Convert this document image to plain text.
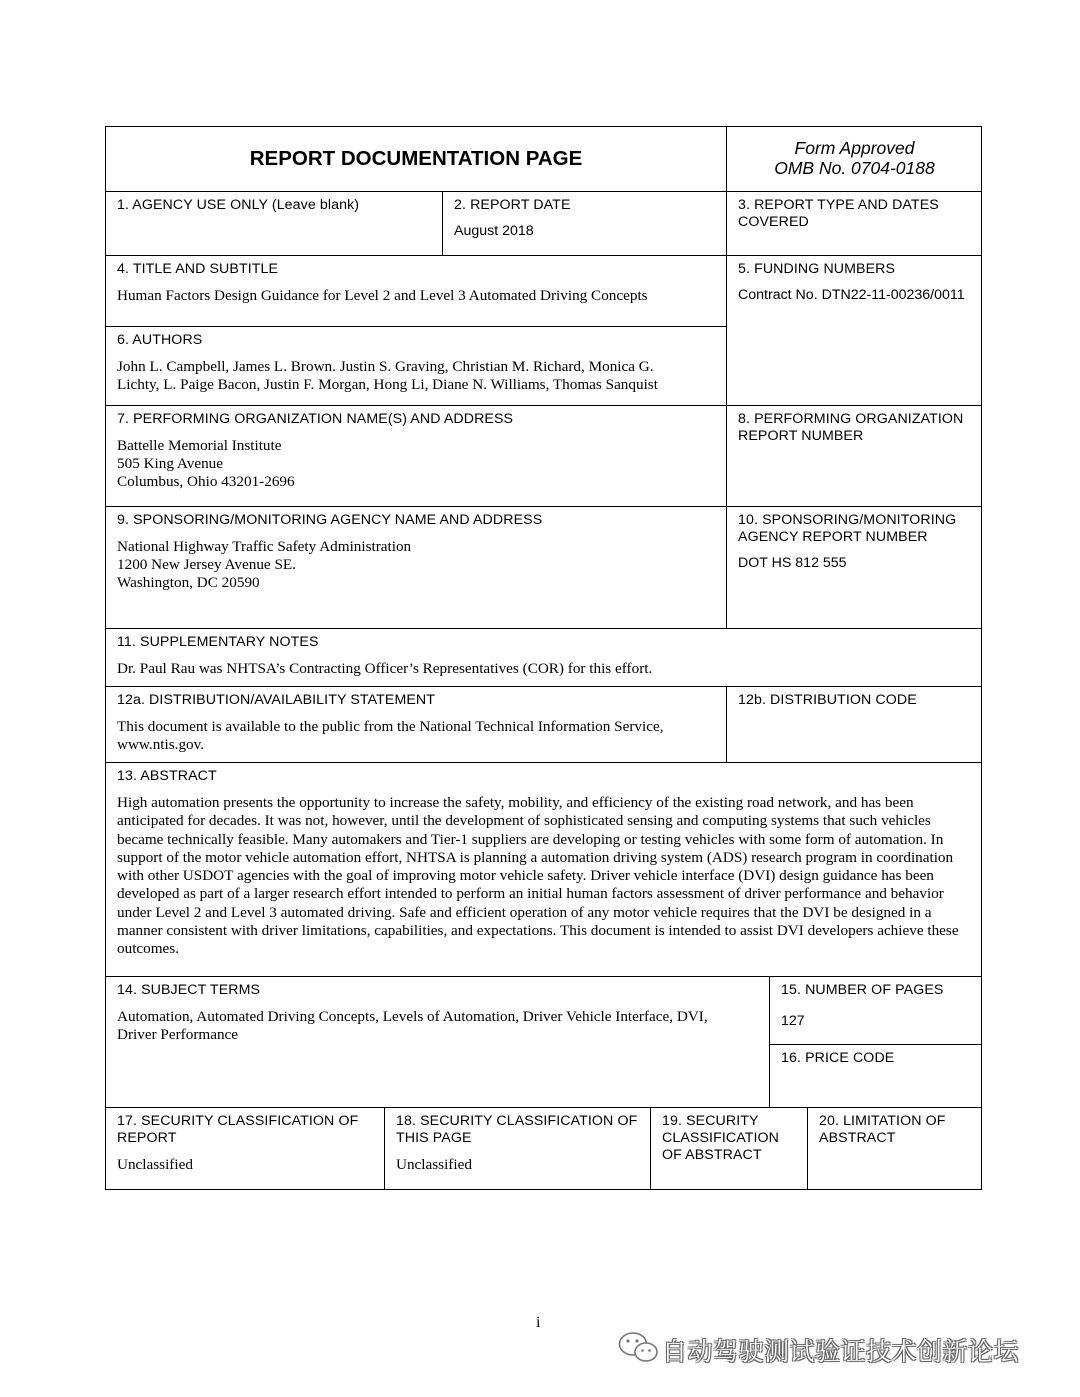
REPORT DOCUMENTATION PAGE	Form Approved
OMB No. 0704-0188
1. AGENCY USE ONLY (Leave blank)	2. REPORT DATE
August 2018
3. REPORT TYPE AND DATES
COVERED
4. TITLE AND SUBTITLE
Human Factors Design Guidance for Level 2 and Level 3 Automated Driving Concepts
5. FUNDING NUMBERS
Contract No. DTN22-11-00236/0011
6. AUTHORS
John L. Campbell, James L. Brown. Justin S. Graving, Christian M. Richard, Monica G.
Lichty, L. Paige Bacon, Justin F. Morgan, Hong Li, Diane N. Williams, Thomas Sanquist
7. PERFORMING ORGANIZATION NAME(S) AND ADDRESS
Battelle Memorial Institute
505 King Avenue
Columbus, Ohio 43201-2696
8. PERFORMING ORGANIZATION
REPORT NUMBER
9. SPONSORING/MONITORING AGENCY NAME AND ADDRESS
National Highway Traffic Safety Administration
1200 New Jersey Avenue SE.
Washington, DC 20590
10. SPONSORING/MONITORING
AGENCY REPORT NUMBER
DOT HS 812 555
11. SUPPLEMENTARY NOTES
Dr. Paul Rau was NHTSA’s Contracting Officer’s Representatives (COR) for this effort.
12a. DISTRIBUTION/AVAILABILITY STATEMENT
This document is available to the public from the National Technical Information Service,
www.ntis.gov.
12b. DISTRIBUTION CODE
13. ABSTRACT
High automation presents the opportunity to increase the safety, mobility, and efficiency of the existing road network, and has been anticipated for decades. It was not, however, until the development of sophisticated sensing and computing systems that such vehicles became technically feasible. Many automakers and Tier-1 suppliers are developing or testing vehicles with some form of automation. In support of the motor vehicle automation effort, NHTSA is planning a automation driving system (ADS) research program in coordination with other USDOT agencies with the goal of improving motor vehicle safety. Driver vehicle interface (DVI) design guidance has been developed as part of a larger research effort intended to perform an initial human factors assessment of driver performance and behavior under Level 2 and Level 3 automated driving. Safe and efficient operation of any motor vehicle requires that the DVI be designed in a manner consistent with driver limitations, capabilities, and expectations. This document is intended to assist DVI developers achieve these outcomes.
14. SUBJECT TERMS
Automation, Automated Driving Concepts, Levels of Automation, Driver Vehicle Interface, DVI,
Driver Performance
15. NUMBER OF PAGES
127
16. PRICE CODE
17. SECURITY CLASSIFICATION OF
REPORT
Unclassified
18. SECURITY CLASSIFICATION OF
THIS PAGE
Unclassified
19. SECURITY
CLASSIFICATION
OF ABSTRACT
20. LIMITATION OF
ABSTRACT
i
自动驾驶测试验证技术创新论坛
